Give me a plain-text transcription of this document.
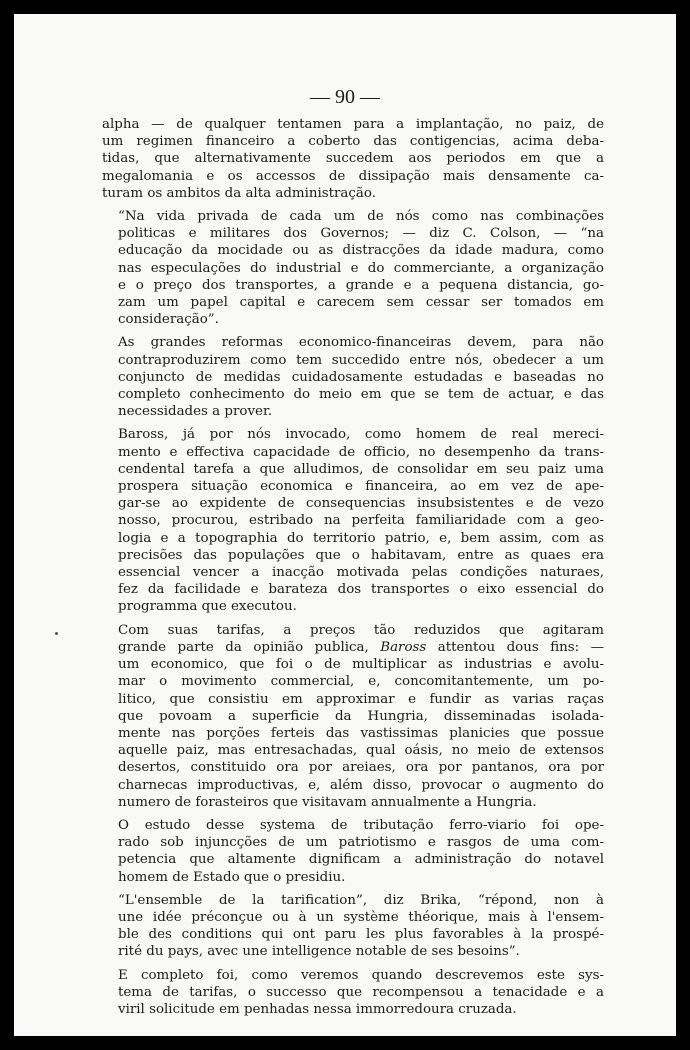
— 90 —

alpha — de qualquer tentamen para a implantação, no paiz, de
um regimen financeiro a coberto das contigencias, acima deba-
tidas, que alternativamente succedem aos periodos em que a
megalomania e os accessos de dissipação mais densamente ca-
turam os ambitos da alta administração.

“Na vida privada de cada um de nós como nas combinações
politicas e militares dos Governos; — diz C. Colson, — “na
educação da mocidade ou as distracções da idade madura, como
nas especulações do industrial e do commerciante, a organização
e o preço dos transportes, a grande e a pequena distancia, go-
zam um papel capital e carecem sem cessar ser tomados em
consideração”.

As grandes reformas economico-financeiras devem, para não
contraproduzirem como tem succedido entre nós, obedecer a um
conjuncto de medidas cuidadosamente estudadas e baseadas no
completo conhecimento do meio em que se tem de actuar, e das
necessidades a prover.

Baross, já por nós invocado, como homem de real mereci-
mento e effectiva capacidade de officio, no desempenho da trans-
cendental tarefa a que alludimos, de consolidar em seu paiz uma
prospera situação economica e financeira, ao em vez de ape-
gar-se ao expidente de consequencias insubsistentes e de vezo
nosso, procurou, estribado na perfeita familiaridade com a geo-
logia e a topographia do territorio patrio, e, bem assim, com as
precisões das populações que o habitavam, entre as quaes era
essencial vencer a inacção motivada pelas condições naturaes,
fez da facilidade e barateza dos transportes o eixo essencial do
programma que executou.

Com suas tarifas, a preços tão reduzidos que agitaram
grande parte da opinião publica, Baross attentou dous fins: —
um economico, que foi o de multiplicar as industrias e avolu-
mar o movimento commercial, e, concomitantemente, um po-
litico, que consistiu em approximar e fundir as varias raças
que povoam a superficie da Hungria, disseminadas isolada-
mente nas porções ferteis das vastissimas planicies que possue
aquelle paiz, mas entresachadas, qual oásis, no meio de extensos
desertos, constituido ora por areiaes, ora por pantanos, ora por
charnecas improductivas, e, além disso, provocar o augmento do
numero de forasteiros que visitavam annualmente a Hungria.

O estudo desse systema de tributação ferro-viario foi ope-
rado sob injuncções de um patriotismo e rasgos de uma com-
petencia que altamente dignificam a administração do notavel
homem de Estado que o presidiu.

“L'ensemble de la tarification”, diz Brika, “répond, non à
une idée préconçue ou à un système théorique, mais à l'ensem-
ble des conditions qui ont paru les plus favorables à la prospé-
rité du pays, avec une intelligence notable de ses besoins”.

E completo foi, como veremos quando descrevemos este sys-
tema de tarifas, o successo que recompensou a tenacidade e a
viril solicitude em penhadas nessa immorredoura cruzada.
